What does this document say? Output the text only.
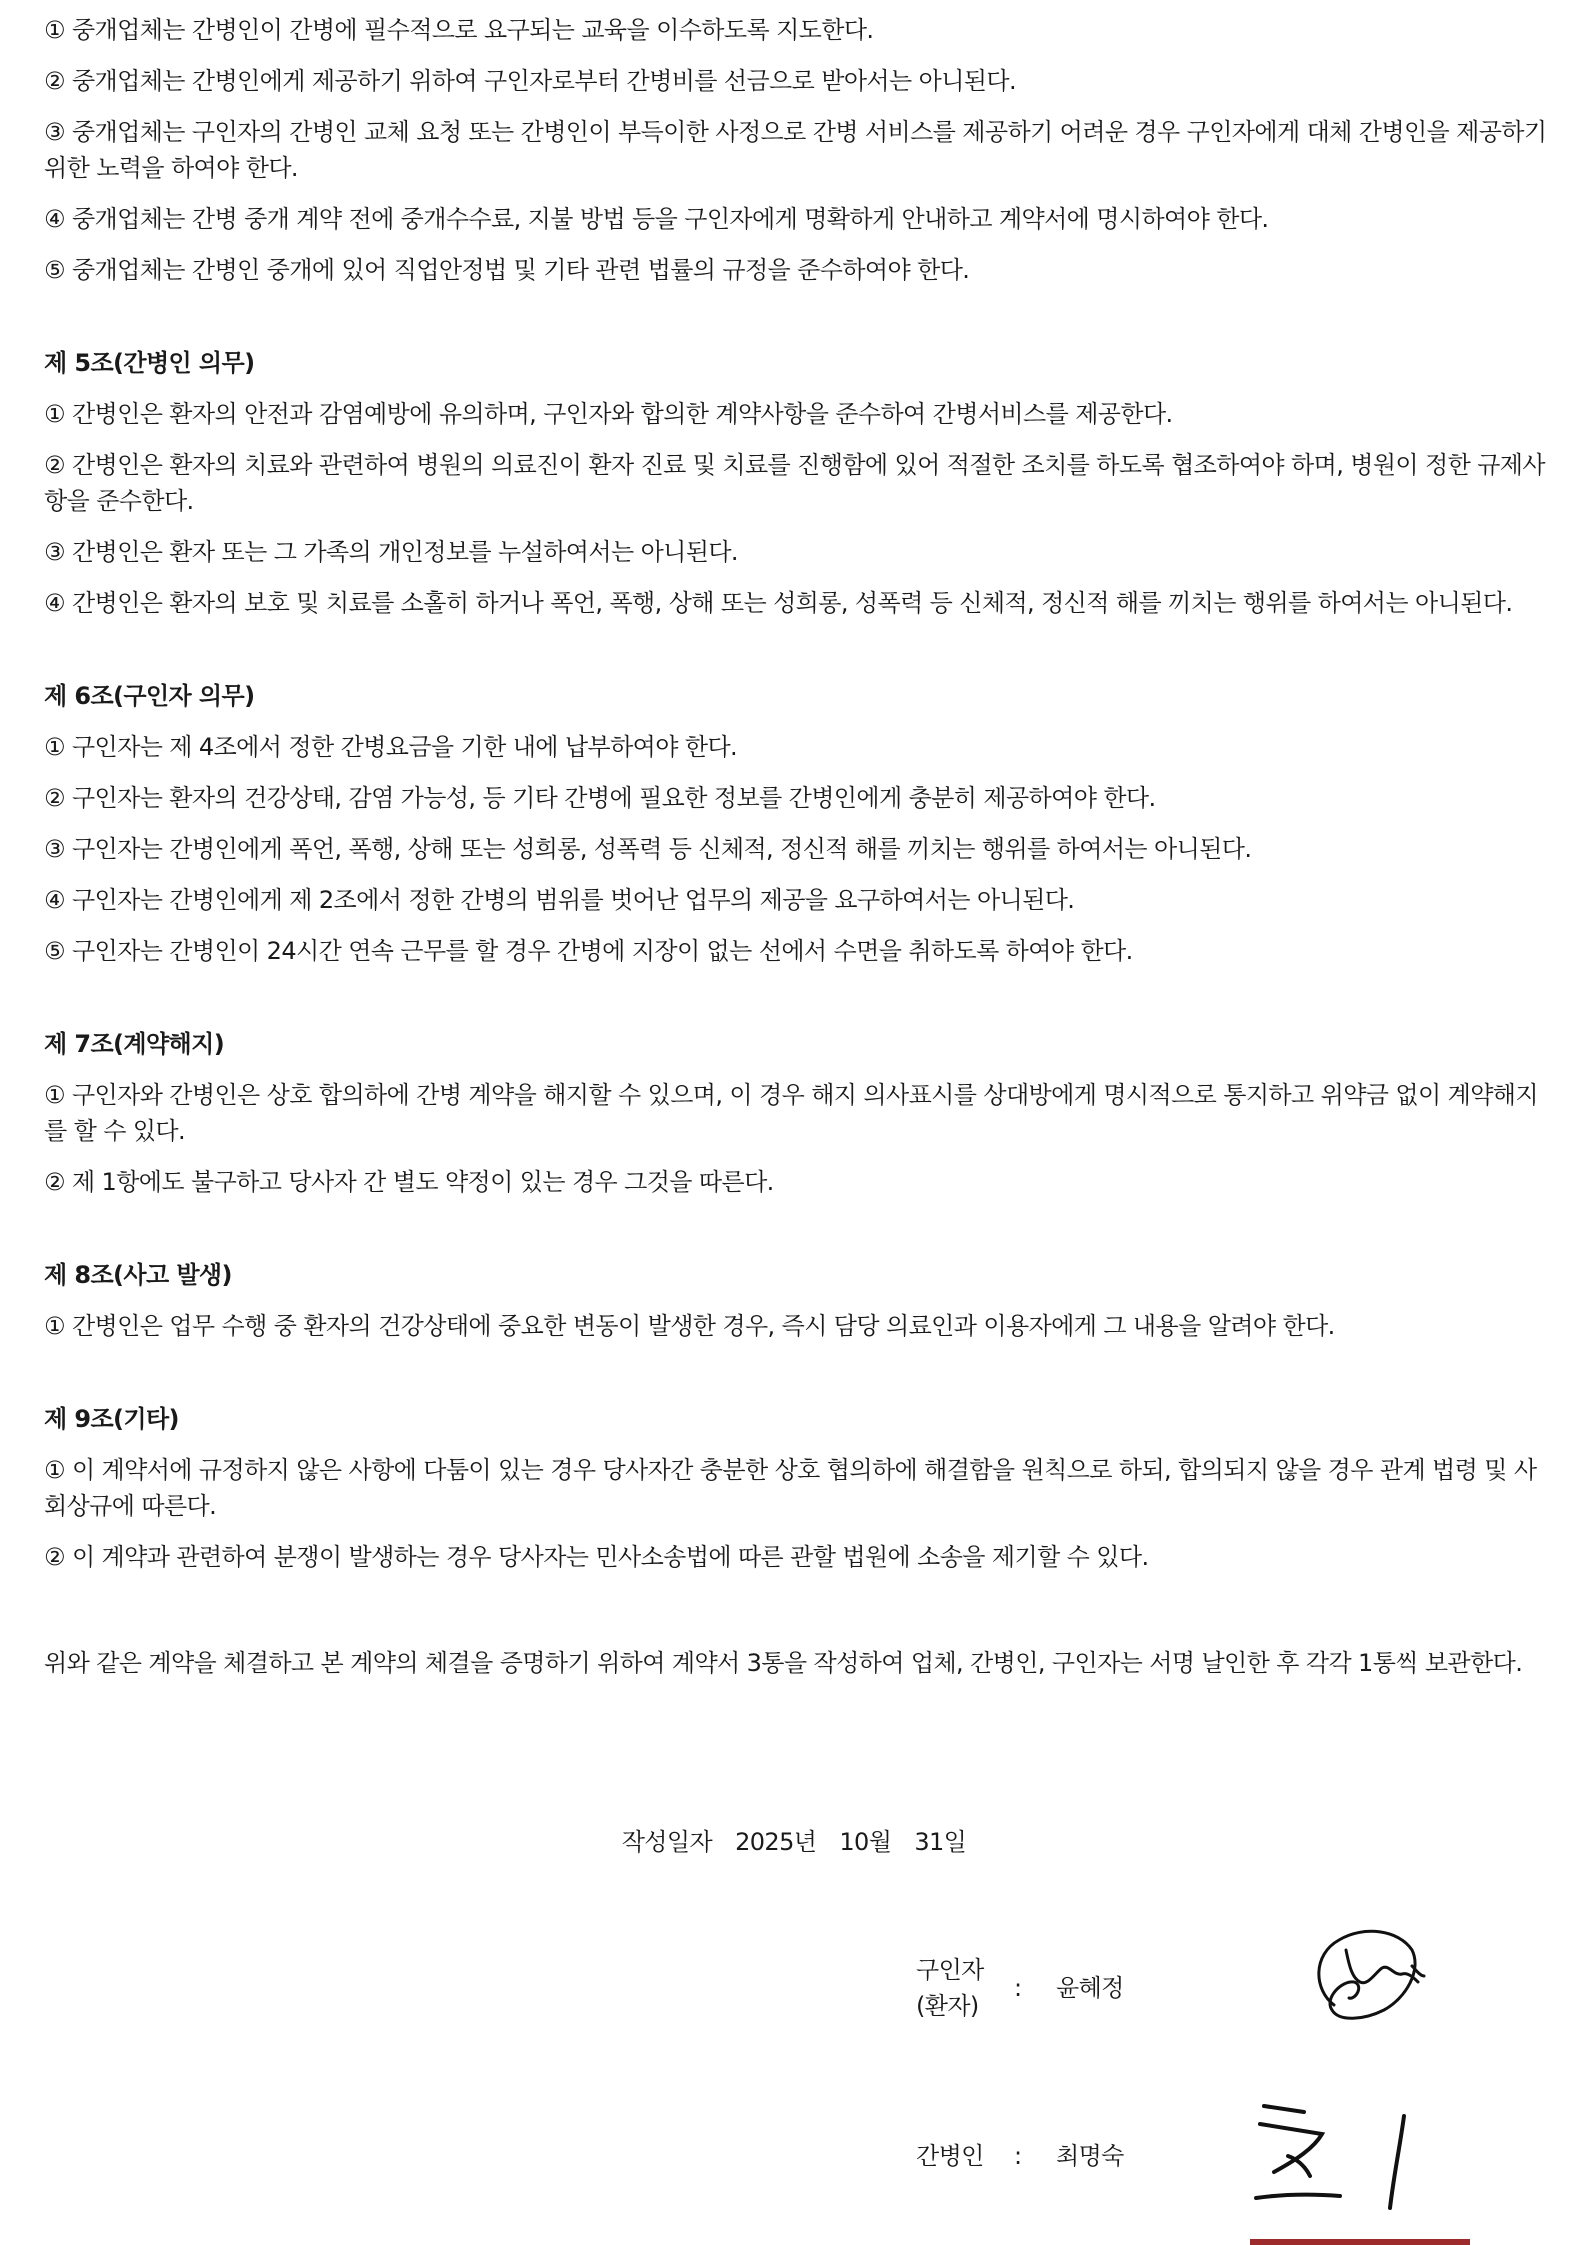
① 중개업체는 간병인이 간병에 필수적으로 요구되는 교육을 이수하도록 지도한다.

② 중개업체는 간병인에게 제공하기 위하여 구인자로부터 간병비를 선금으로 받아서는 아니된다.

③ 중개업체는 구인자의 간병인 교체 요청 또는 간병인이 부득이한 사정으로 간병 서비스를 제공하기 어려운 경우 구인자에게 대체 간병인을 제공하기 위한 노력을 하여야 한다.

④ 중개업체는 간병 중개 계약 전에 중개수수료, 지불 방법 등을 구인자에게 명확하게 안내하고 계약서에 명시하여야 한다.

⑤ 중개업체는 간병인 중개에 있어 직업안정법 및 기타 관련 법률의 규정을 준수하여야 한다.

제 5조(간병인 의무)

① 간병인은 환자의 안전과 감염예방에 유의하며, 구인자와 합의한 계약사항을 준수하여 간병서비스를 제공한다.

② 간병인은 환자의 치료와 관련하여 병원의 의료진이 환자 진료 및 치료를 진행함에 있어 적절한 조치를 하도록 협조하여야 하며, 병원이 정한 규제사항을 준수한다.

③ 간병인은 환자 또는 그 가족의 개인정보를 누설하여서는 아니된다.

④ 간병인은 환자의 보호 및 치료를 소홀히 하거나 폭언, 폭행, 상해 또는 성희롱, 성폭력 등 신체적, 정신적 해를 끼치는 행위를 하여서는 아니된다.

제 6조(구인자 의무)

① 구인자는 제 4조에서 정한 간병요금을 기한 내에 납부하여야 한다.

② 구인자는 환자의 건강상태, 감염 가능성, 등 기타 간병에 필요한 정보를 간병인에게 충분히 제공하여야 한다.

③ 구인자는 간병인에게 폭언, 폭행, 상해 또는 성희롱, 성폭력 등 신체적, 정신적 해를 끼치는 행위를 하여서는 아니된다.

④ 구인자는 간병인에게 제 2조에서 정한 간병의 범위를 벗어난 업무의 제공을 요구하여서는 아니된다.

⑤ 구인자는 간병인이 24시간 연속 근무를 할 경우 간병에 지장이 없는 선에서 수면을 취하도록 하여야 한다.

제 7조(계약해지)

① 구인자와 간병인은 상호 합의하에 간병 계약을 해지할 수 있으며, 이 경우 해지 의사표시를 상대방에게 명시적으로 통지하고 위약금 없이 계약해지를 할 수 있다.

② 제 1항에도 불구하고 당사자 간 별도 약정이 있는 경우 그것을 따른다.

제 8조(사고 발생)

① 간병인은 업무 수행 중 환자의 건강상태에 중요한 변동이 발생한 경우, 즉시 담당 의료인과 이용자에게 그 내용을 알려야 한다.

제 9조(기타)

① 이 계약서에 규정하지 않은 사항에 다툼이 있는 경우 당사자간 충분한 상호 협의하에 해결함을 원칙으로 하되, 합의되지 않을 경우 관계 법령 및 사회상규에 따른다.

② 이 계약과 관련하여 분쟁이 발생하는 경우 당사자는 민사소송법에 따른 관할 법원에 소송을 제기할 수 있다.

위와 같은 계약을 체결하고 본 계약의 체결을 증명하기 위하여 계약서 3통을 작성하여 업체, 간병인, 구인자는 서명 날인한 후 각각 1통씩 보관한다.

작성일자 2025년 10월 31일
구인자
(환자)
: 윤혜정
간병인 : 최명숙
